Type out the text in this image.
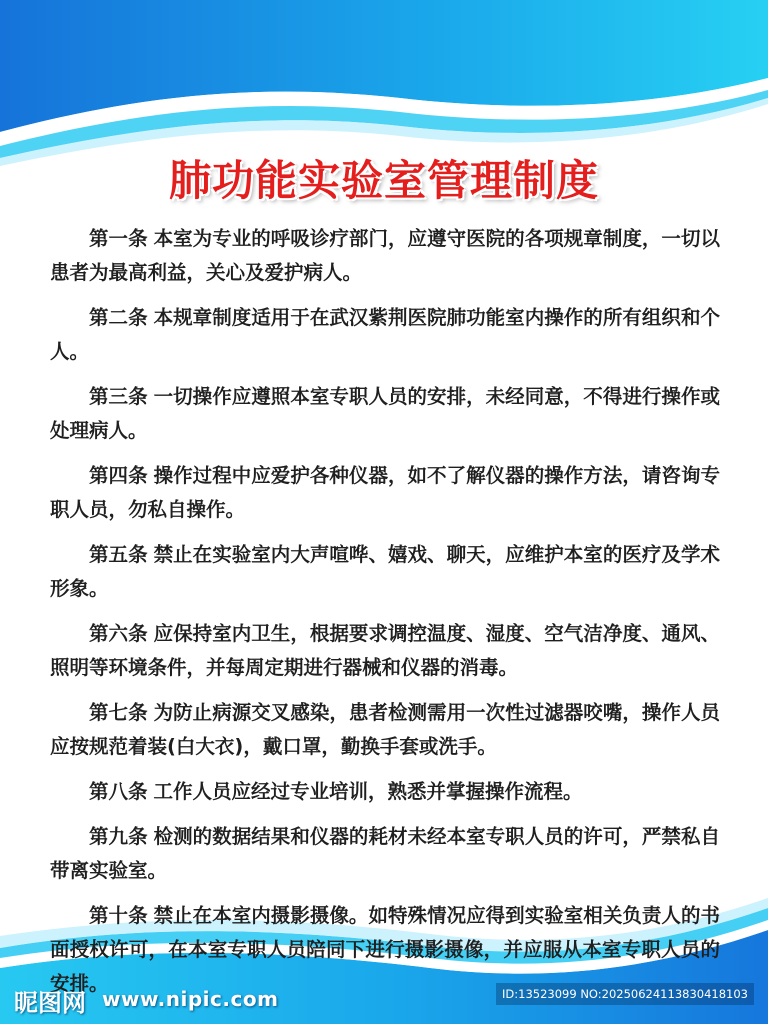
肺功能实验室管理制度

第一条 本室为专业的呼吸诊疗部门，应遵守医院的各项规章制度，一切以患者为最高利益，关心及爱护病人。

第二条 本规章制度适用于在武汉紫荆医院肺功能室内操作的所有组织和个人。

第三条 一切操作应遵照本室专职人员的安排，未经同意，不得进行操作或处理病人。

第四条 操作过程中应爱护各种仪器，如不了解仪器的操作方法，请咨询专职人员，勿私自操作。

第五条 禁止在实验室内大声喧哗、嬉戏、聊天，应维护本室的医疗及学术形象。

第六条 应保持室内卫生，根据要求调控温度、湿度、空气洁净度、通风、照明等环境条件，并每周定期进行器械和仪器的消毒。

第七条 为防止病源交叉感染，患者检测需用一次性过滤器咬嘴，操作人员应按规范着装(白大衣)，戴口罩，勤换手套或洗手。

第八条 工作人员应经过专业培训，熟悉并掌握操作流程。

第九条 检测的数据结果和仪器的耗材未经本室专职人员的许可，严禁私自带离实验室。

第十条 禁止在本室内摄影摄像。如特殊情况应得到实验室相关负责人的书面授权许可，在本室专职人员陪同下进行摄影摄像，并应服从本室专职人员的安排。

昵图网 www.nipic.com	ID:13523099 NO:20250624113830418103
